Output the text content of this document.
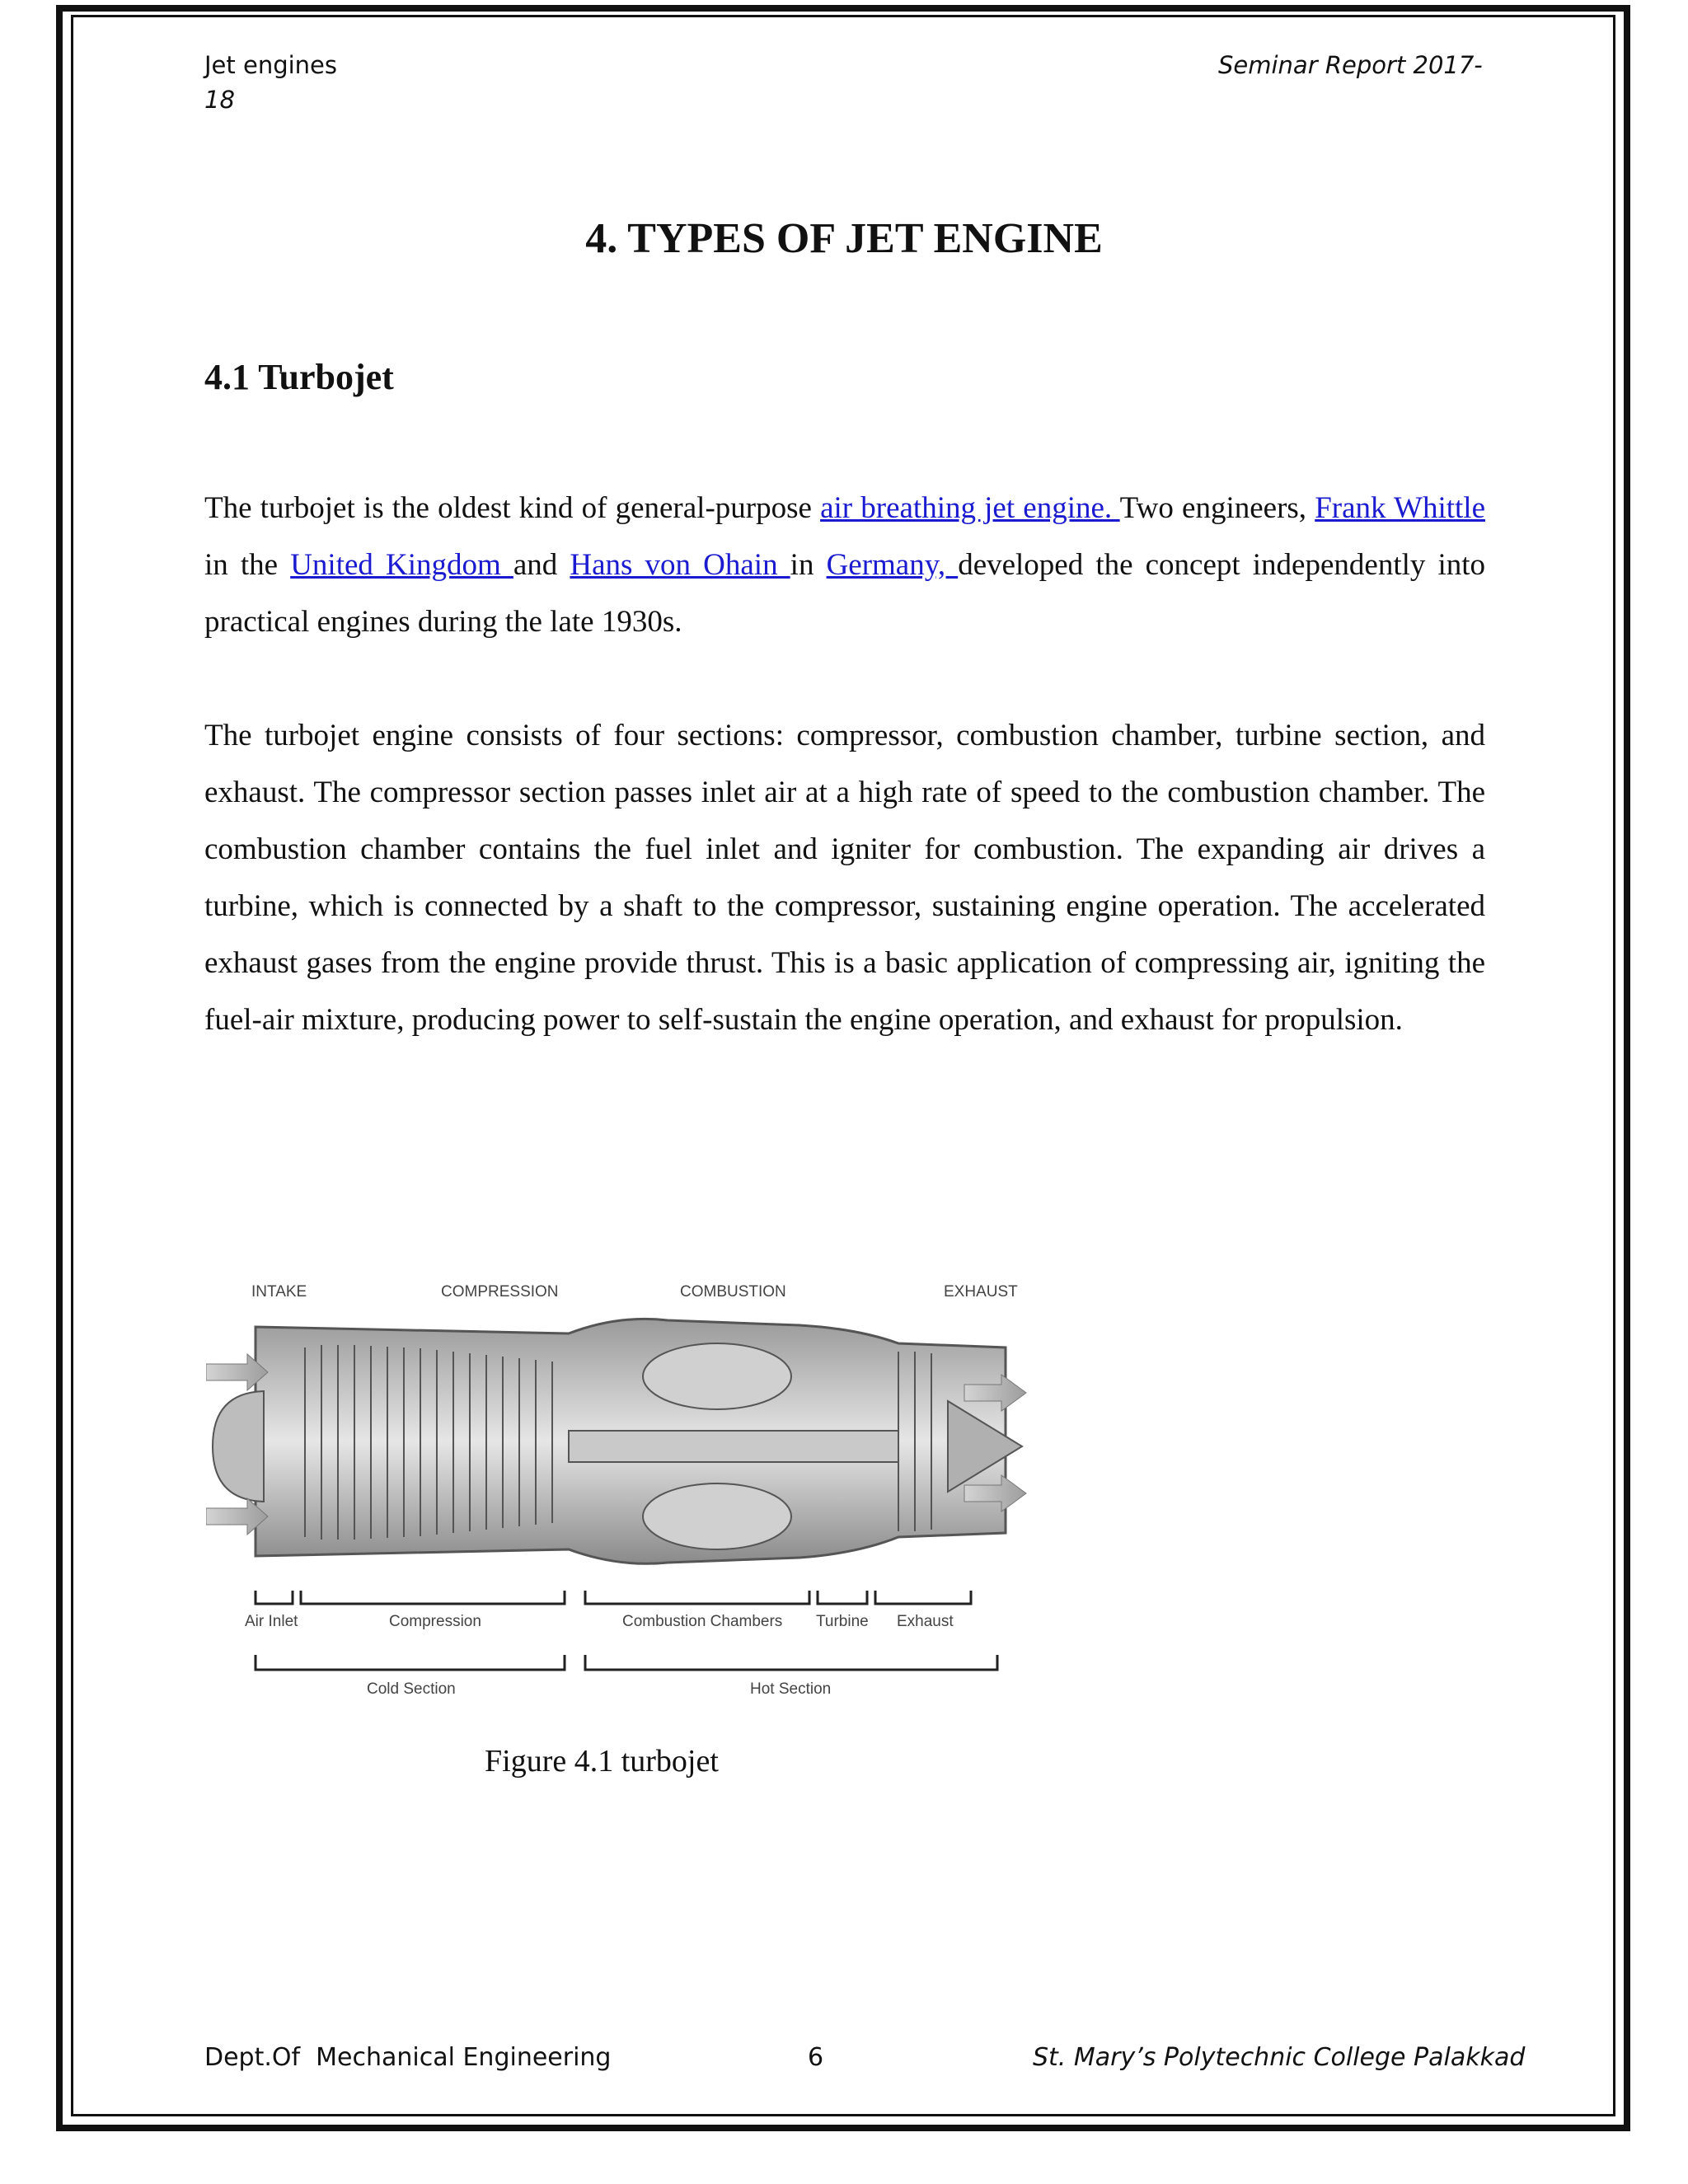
Jet engines	Seminar Report 2017-
18
4. TYPES OF JET ENGINE
4.1 Turbojet

The turbojet is the oldest kind of general-purpose air breathing jet engine. Two engineers, Frank Whittle in the United Kingdom and Hans von Ohain in Germany, developed the concept independently into practical engines during the late 1930s.

The turbojet engine consists of four sections: compressor, combustion chamber, turbine section, and exhaust. The compressor section passes inlet air at a high rate of speed to the combustion chamber. The combustion chamber contains the fuel inlet and igniter for combustion. The expanding air drives a turbine, which is connected by a shaft to the compressor, sustaining engine operation. The accelerated exhaust gases from the engine provide thrust. This is a basic application of compressing air, igniting the fuel-air mixture, producing power to self-sustain the engine operation, and exhaust for propulsion.

INTAKE	COMPRESSION	COMBUSTION	EXHAUST
Air Inlet	Compression	Combustion Chambers Turbine Exhaust
Cold Section	Hot Section
Figure 4.1 turbojet
Dept.Of  Mechanical Engineering	6	St. Mary’s Polytechnic College Palakkad
